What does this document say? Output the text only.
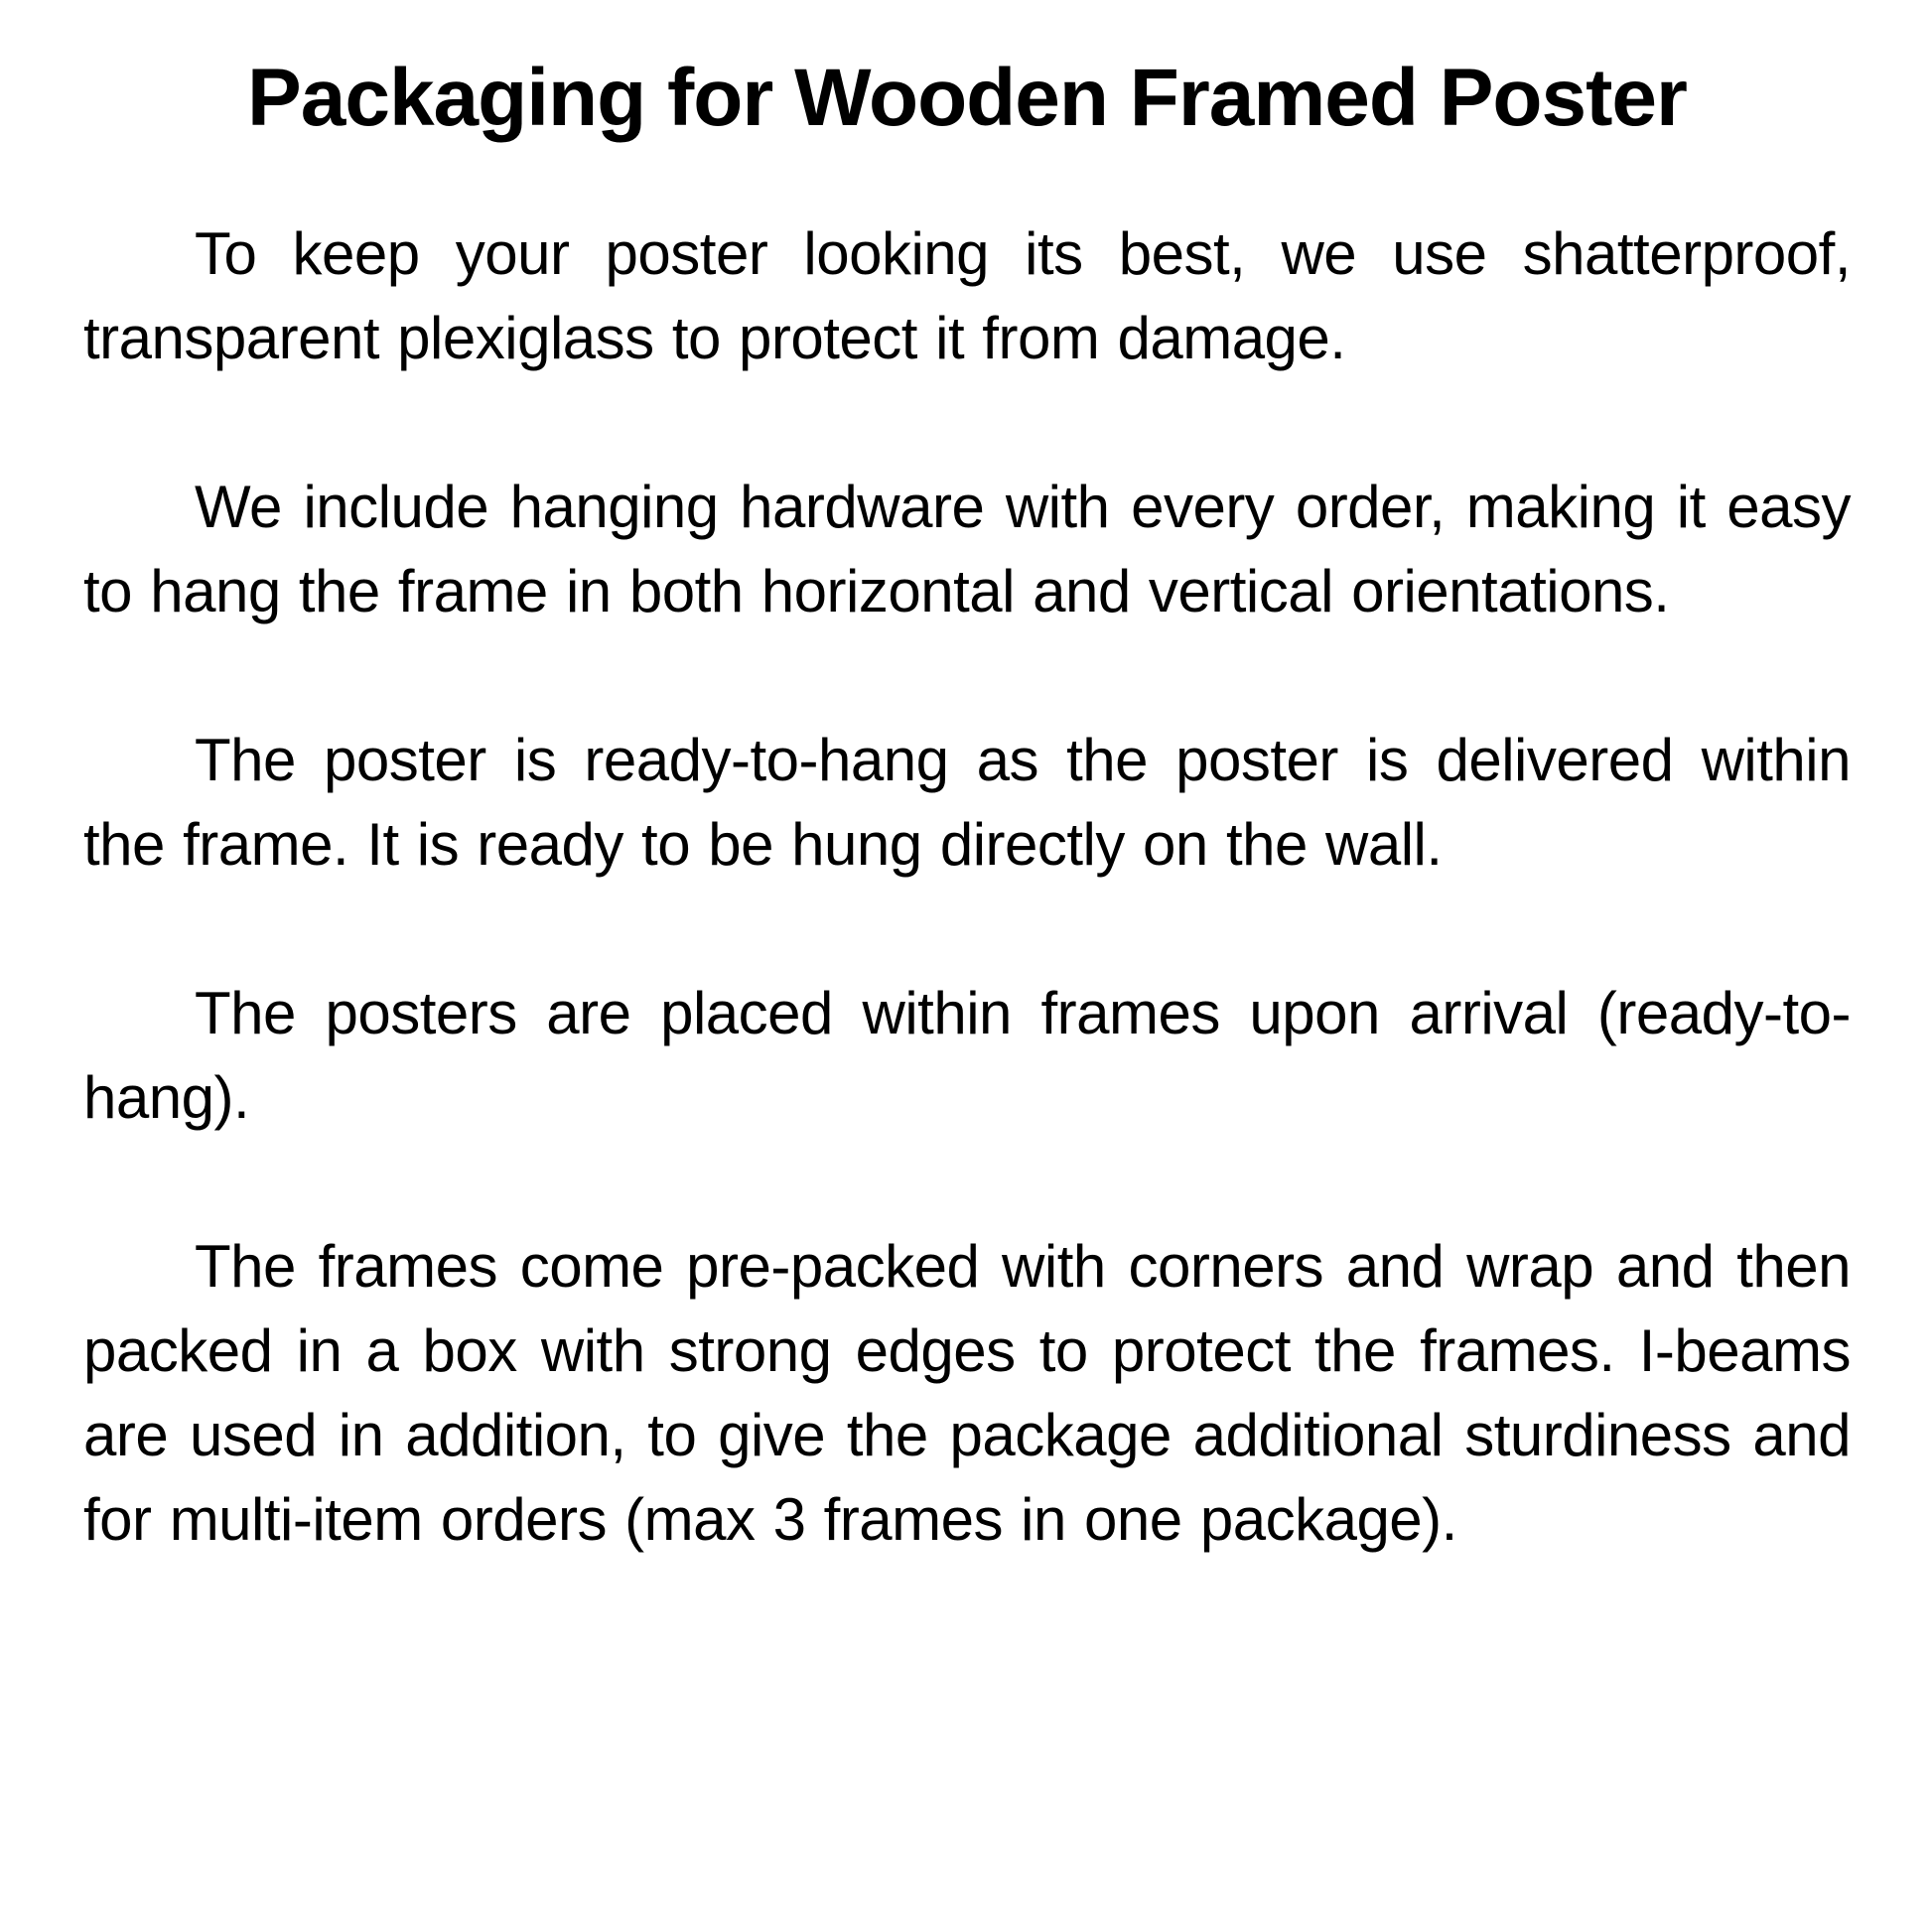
Packaging for Wooden Framed Poster

To keep your poster looking its best, we use shatterproof, transparent plexiglass to protect it from damage.

We include hanging hardware with every order, making it easy to hang the frame in both horizontal and vertical orientations.

The poster is ready-to-hang as the poster is delivered within the frame. It is ready to be hung directly on the wall.

The posters are placed within frames upon arrival (ready-to-hang).

The frames come pre-packed with corners and wrap and then packed in a box with strong edges to protect the frames. I-beams are used in addition, to give the package additional sturdiness and for multi-item orders (max 3 frames in one package).
